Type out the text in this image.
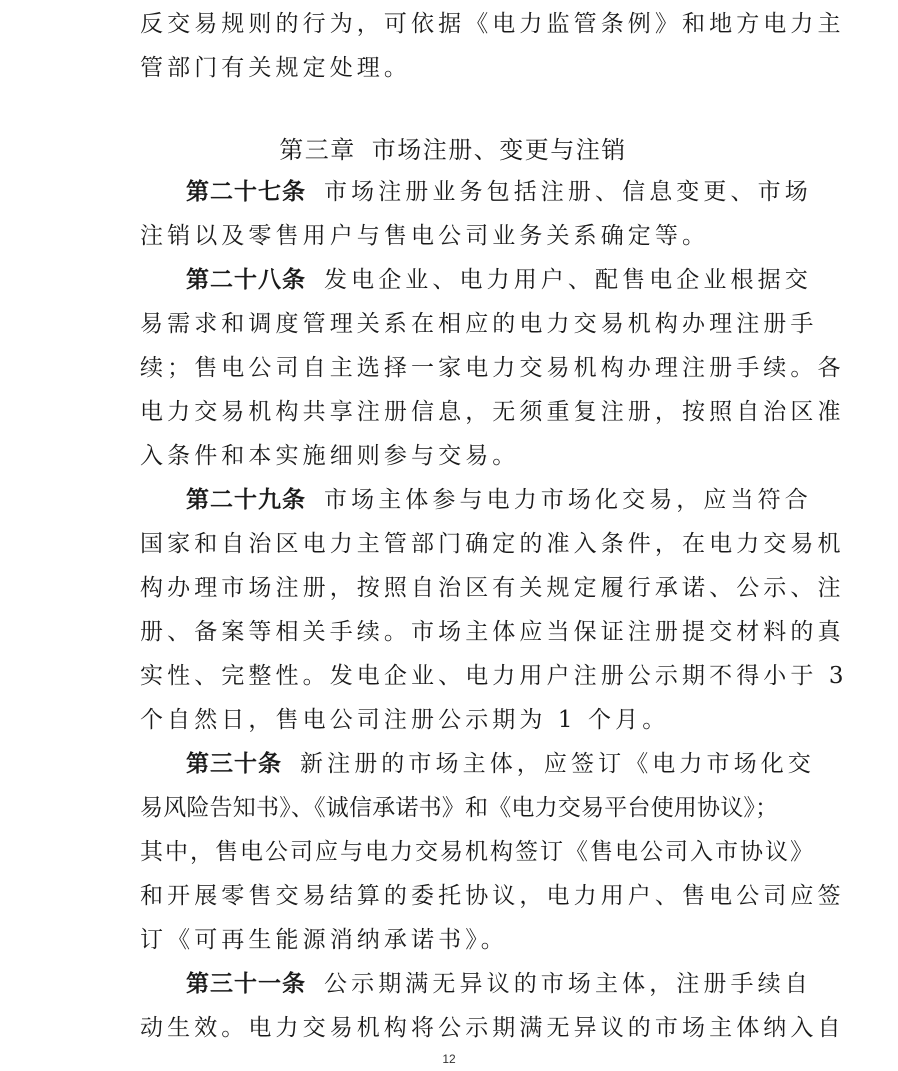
反交易规则的行为，可依据《电力监管条例》和地方电力主
管部门有关规定处理。
第三章 市场注册、变更与注销
第二十七条 市场注册业务包括注册、信息变更、市场
注销以及零售用户与售电公司业务关系确定等。
第二十八条 发电企业、电力用户、配售电企业根据交
易需求和调度管理关系在相应的电力交易机构办理注册手
续；售电公司自主选择一家电力交易机构办理注册手续。各
电力交易机构共享注册信息，无须重复注册，按照自治区准
入条件和本实施细则参与交易。
第二十九条 市场主体参与电力市场化交易，应当符合
国家和自治区电力主管部门确定的准入条件，在电力交易机
构办理市场注册，按照自治区有关规定履行承诺、公示、注
册、备案等相关手续。市场主体应当保证注册提交材料的真
实性、完整性。发电企业、电力用户注册公示期不得小于 3
个自然日，售电公司注册公示期为 1 个月。
第三十条 新注册的市场主体，应签订《电力市场化交
易风险告知书》、《诚信承诺书》和《电力交易平台使用协议》；
其中，售电公司应与电力交易机构签订《售电公司入市协议》
和开展零售交易结算的委托协议，电力用户、售电公司应签
订《可再生能源消纳承诺书》。
第三十一条 公示期满无异议的市场主体，注册手续自
动生效。电力交易机构将公示期满无异议的市场主体纳入自
12
